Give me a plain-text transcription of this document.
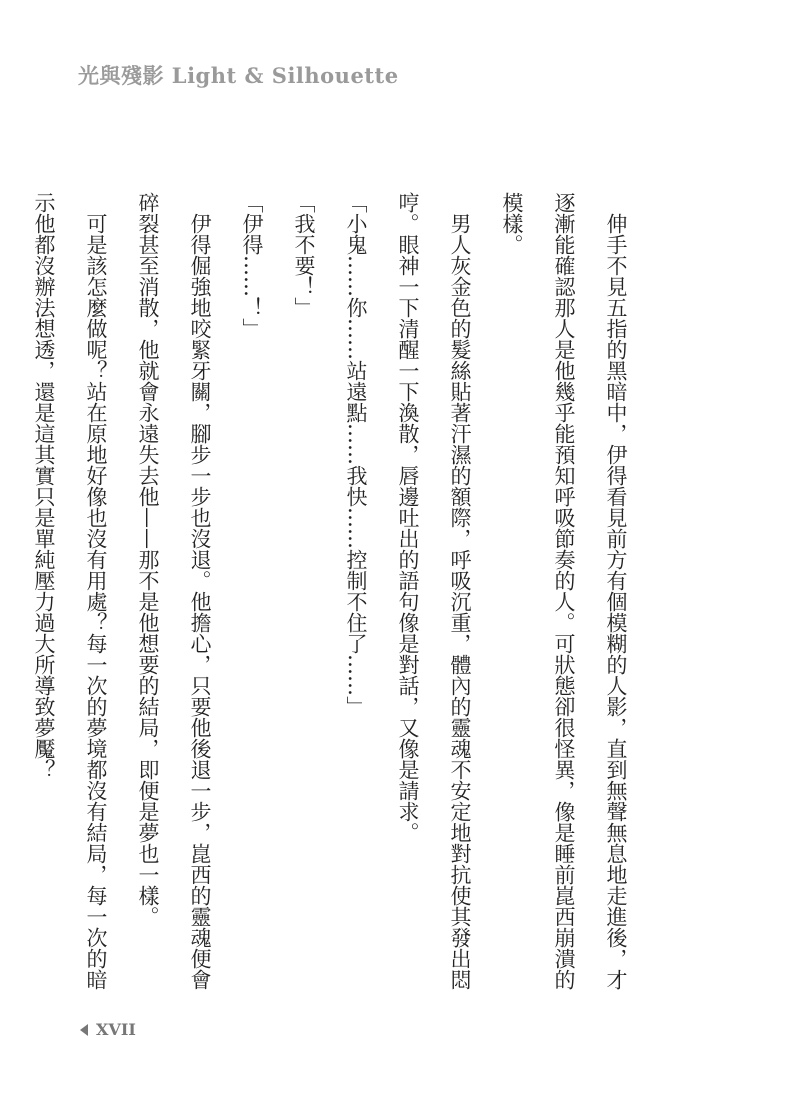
光與殘影 Light & Silhouette

伸手不見五指的黑暗中，伊得看見前方有個模糊的人影，直到無聲無息地走進後，才逐漸能確認那人是他幾乎能預知呼吸節奏的人。可狀態卻很怪異，像是睡前崑西崩潰的模樣。

男人灰金色的髮絲貼著汗濕的額際，呼吸沉重，體內的靈魂不安定地對抗使其發出悶哼。眼神一下清醒一下渙散，唇邊吐出的語句像是對話，又像是請求。

「小鬼……你……站遠點……我快……控制不住了……」

「我不要！」

「伊得……！」

伊得倔強地咬緊牙關，腳步一步也沒退。他擔心，只要他後退一步，崑西的靈魂便會碎裂甚至消散，他就會永遠失去他——那不是他想要的結局，即便是夢也一樣。

可是該怎麼做呢？站在原地好像也沒有用處？每一次的夢境都沒有結局，每一次的暗示他都沒辦法想透，還是這其實只是單純壓力過大所導致夢魘？

XVII
